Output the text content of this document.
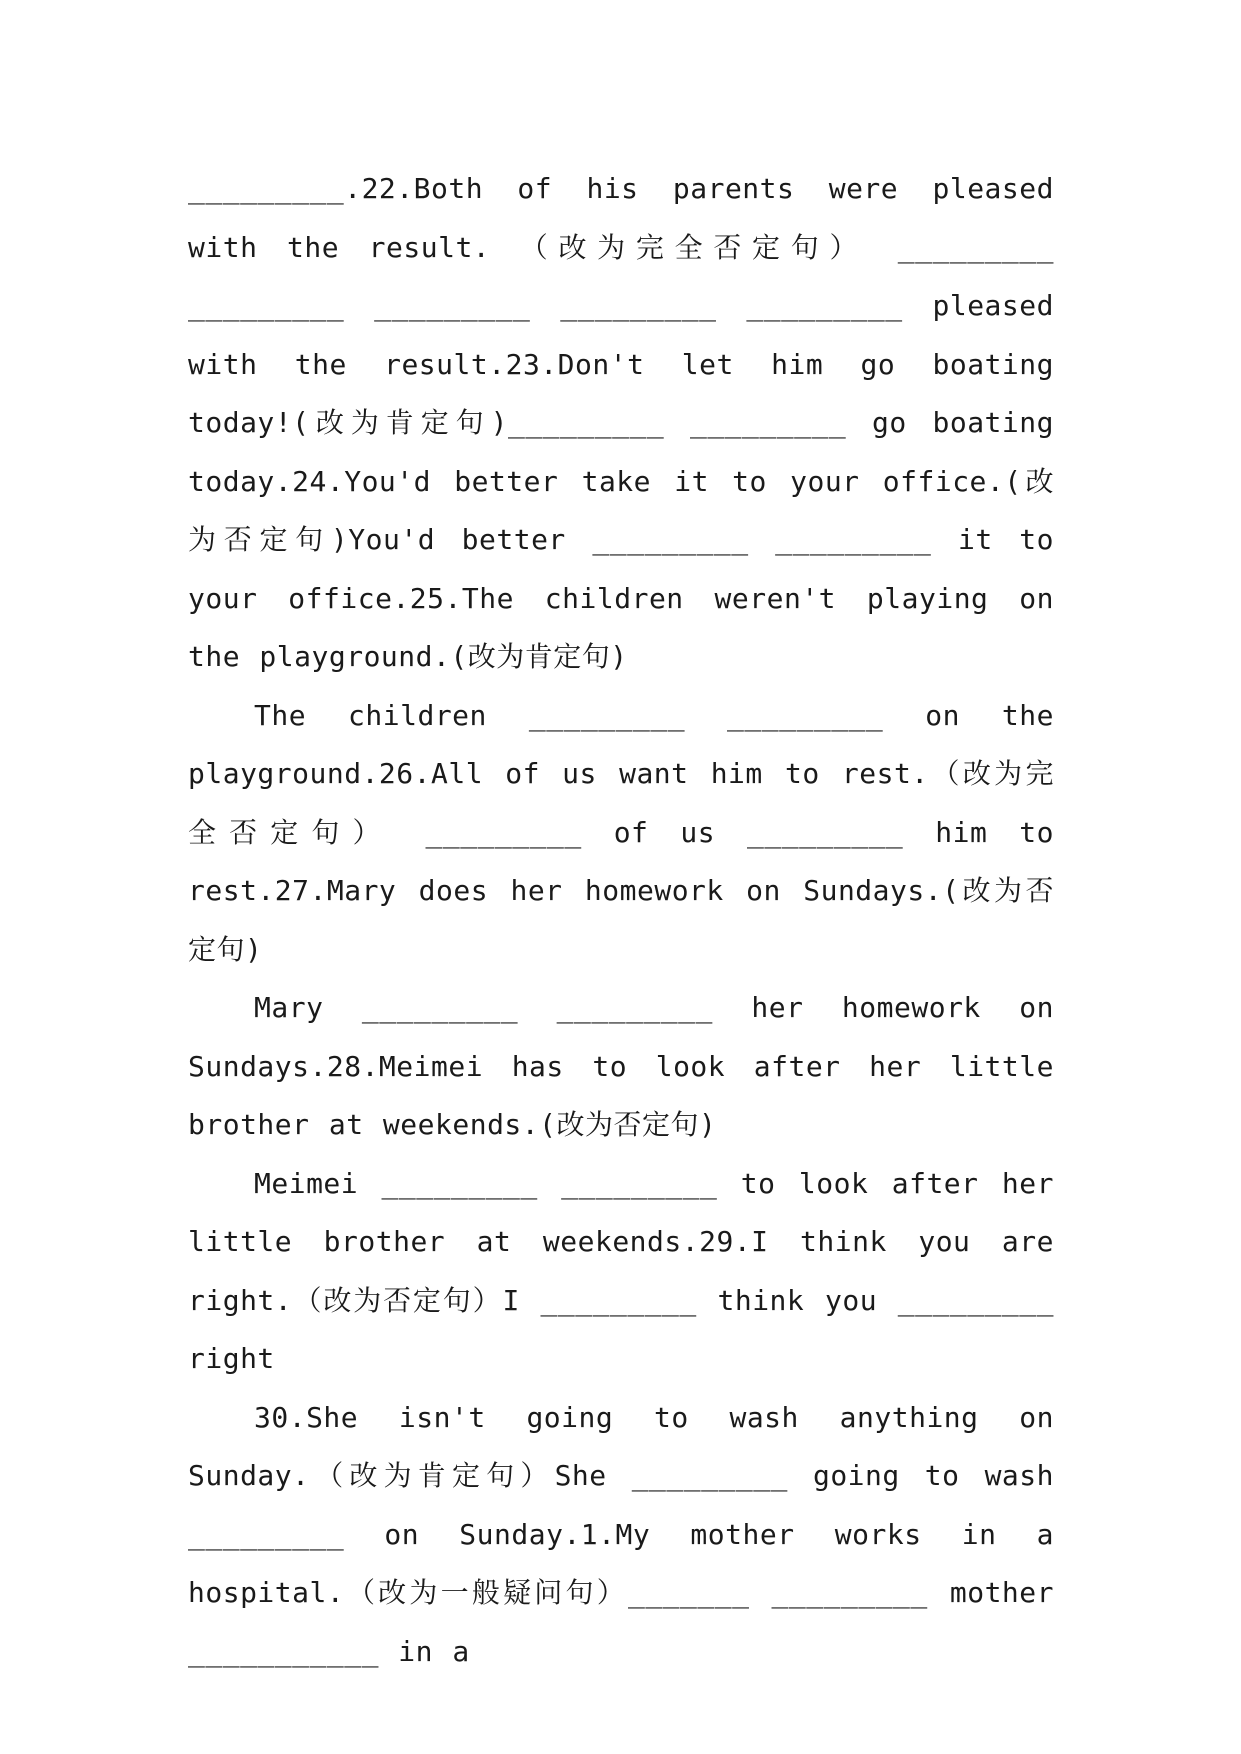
_________.22.Both of his parents were pleased with the result. （改为完全否定句） _________ _________ _________ _________ _________ pleased with the result.23.Don't let him go boating today!(改为肯定句)_________ _________ go boating today.24.You'd better take it to your office.(改为否定句)You'd better _________ _________ it to your office.25.The children weren't playing on the playground.(改为肯定句)

The children _________ _________ on the playground.26.All of us want him to rest.（改为完全否定句） _________ of us _________ him to rest.27.Mary does her homework on Sundays.(改为否定句)

Mary _________ _________ her homework on Sundays.28.Meimei has to look after her little brother at weekends.(改为否定句)

Meimei _________ _________ to look after her little brother at weekends.29.I think you are right.（改为否定句）I _________ think you _________ right

30.She isn't going to wash anything on Sunday.（改为肯定句）She _________ going to wash _________ on Sunday.1.My mother works in a hospital.（改为一般疑问句）_______ _________ mother ___________ in a
